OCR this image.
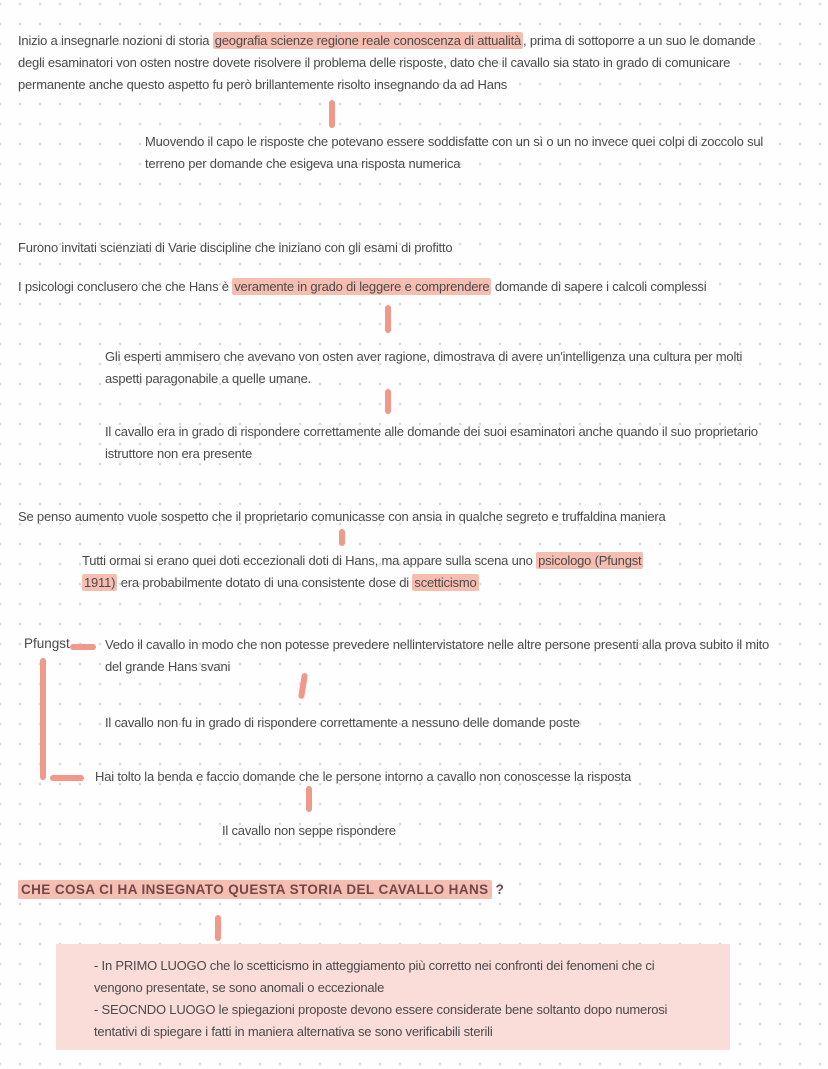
Inizio a insegnarle nozioni di storia geografia scienze regione reale conoscenza di attualità , prima di sottoporre a un suo le domande
degli esaminatori von osten nostre dovete risolvere il problema delle risposte, dato che il cavallo sia stato in grado di comunicare
permanente anche questo aspetto fu però brillantemente risolto insegnando da ad Hans
Muovendo il capo le risposte che potevano essere soddisfatte con un sì o un no invece quei colpi di zoccolo sul
terreno per domande che esigeva una risposta numerica
Furono invitati scienziati di Varie discipline che iniziano con gli esami di profitto
I psicologi conclusero che che Hans è veramente in grado di leggere e comprendere domande di sapere i calcoli complessi
Gli esperti ammisero che avevano von osten aver ragione, dimostrava di avere un'intelligenza una cultura per molti
aspetti paragonabile a quelle umane.
Il cavallo era in grado di rispondere correttamente alle domande dei suoi esaminatori anche quando il suo proprietario
istruttore non era presente
Se penso aumento vuole sospetto che il proprietario comunicasse con ansia in qualche segreto e truffaldina maniera
Tutti ormai si erano quei doti eccezionali doti di Hans, ma appare sulla scena uno psicologo (Pfungst
1911) era probabilmente dotato di una consistente dose di scetticismo
Pfungst	Vedo il cavallo in modo che non potesse prevedere nellintervistatore nelle altre persone presenti alla prova subito il mito
del grande Hans svani
Il cavallo non fu in grado di rispondere correttamente a nessuno delle domande poste
Hai tolto la benda e faccio domande che le persone intorno a cavallo non conoscesse la risposta
Il cavallo non seppe rispondere
CHE COSA CI HA INSEGNATO QUESTA STORIA DEL CAVALLO HANS ?
- In PRIMO LUOGO che lo scetticismo in atteggiamento più corretto nei confronti dei fenomeni che ci
vengono presentate, se sono anomali o eccezionale
- SEOCNDO LUOGO le spiegazioni proposte devono essere considerate bene soltanto dopo numerosi
tentativi di spiegare i fatti in maniera alternativa se sono verificabili sterili
